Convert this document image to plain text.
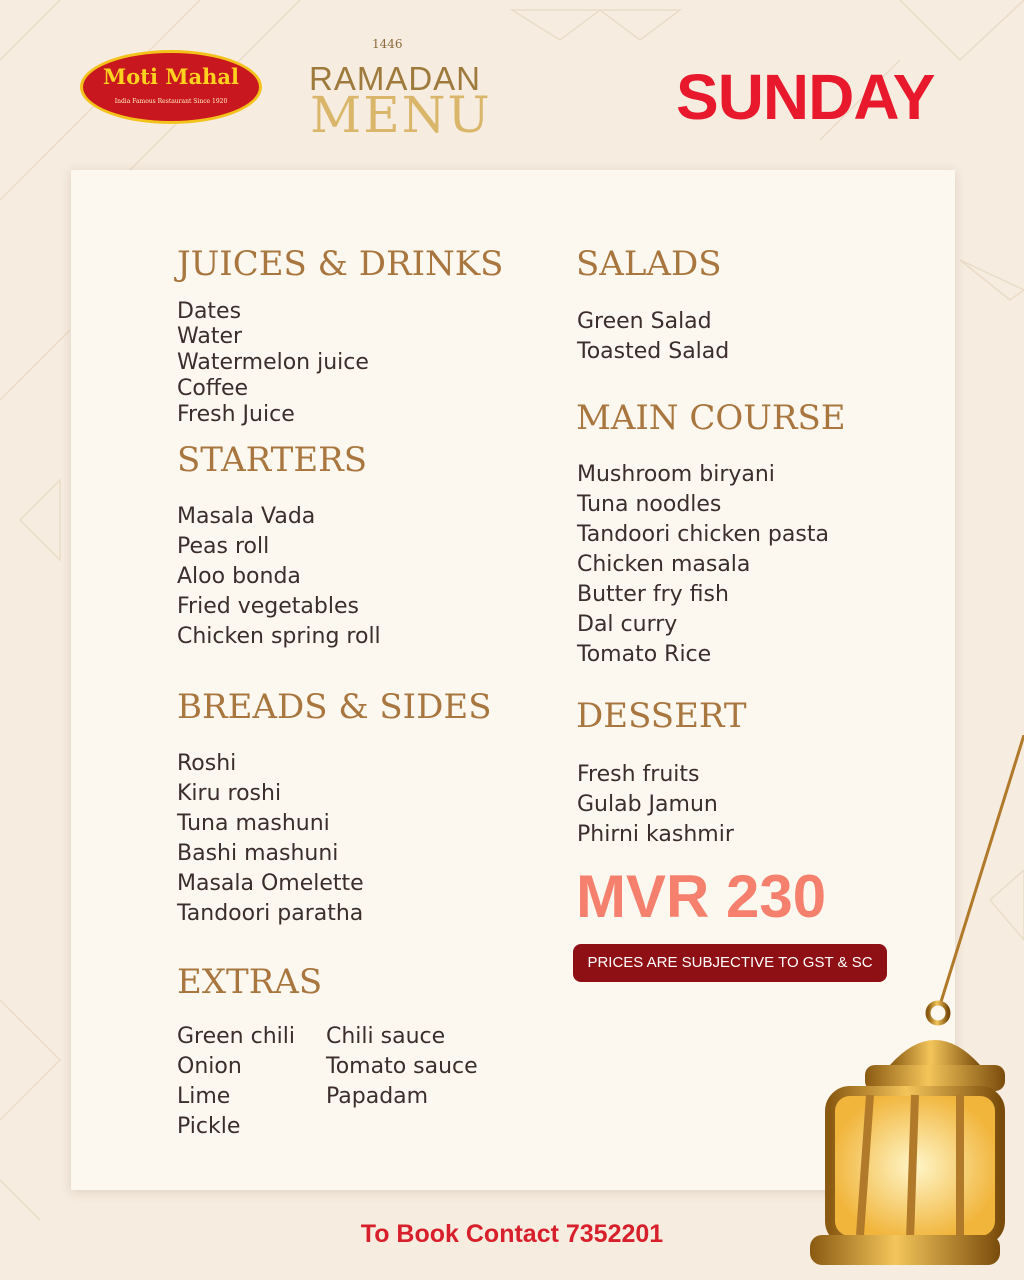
Moti Mahal
India Famous Restaurant Since 1920
1446
RAMADAN
MENU	SUNDAY
JUICES & DRINKS
STARTERS
BREADS & SIDES
EXTRAS
SALADS
MAIN COURSE
DESSERT
MVR 230
PRICES ARE SUBJECTIVE TO GST & SC
To Book Contact 7352201
